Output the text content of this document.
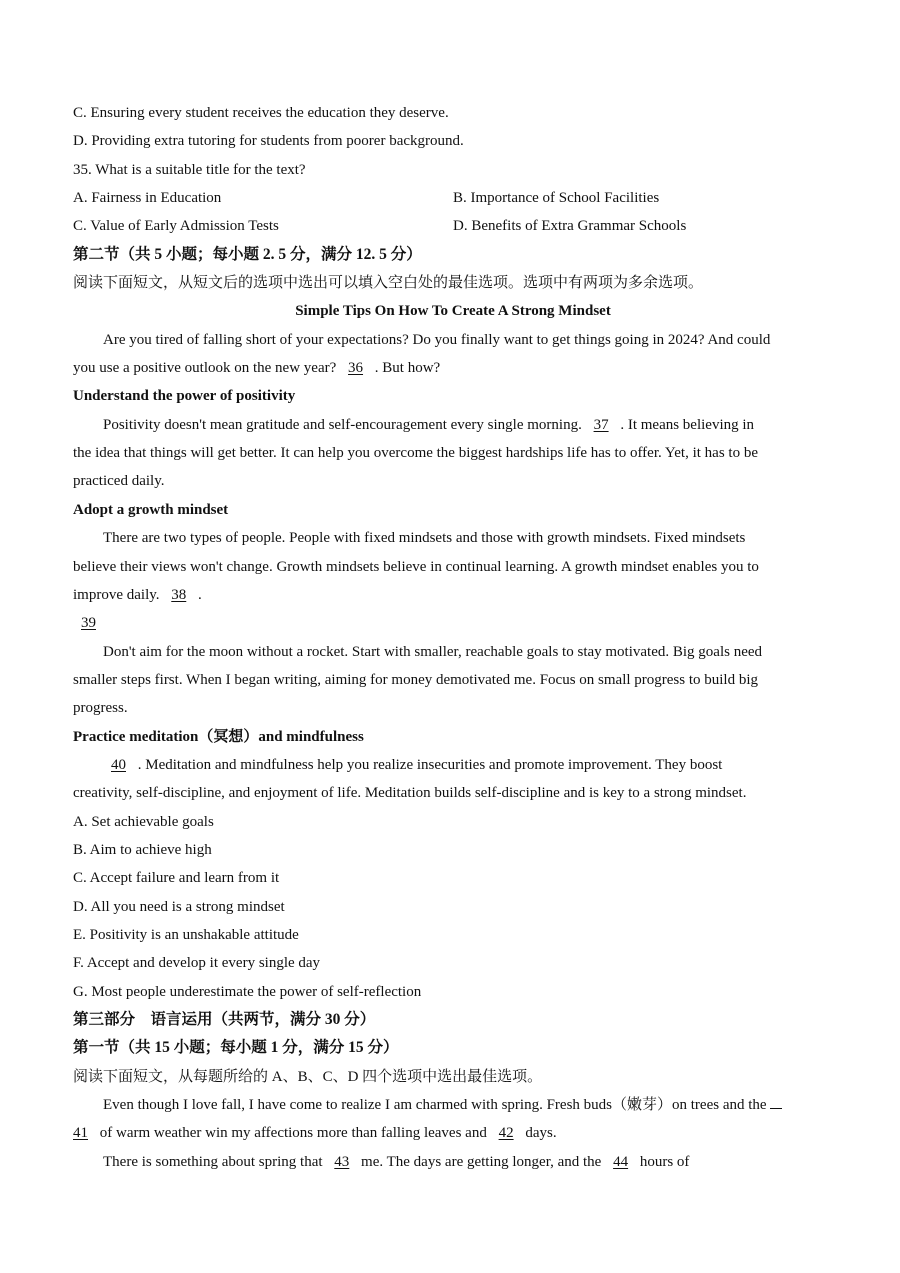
C. Ensuring every student receives the education they deserve.
D. Providing extra tutoring for students from poorer background.
35. What is a suitable title for the text?
A. Fairness in Education	B. Importance of School Facilities
C. Value of Early Admission Tests	D. Benefits of Extra Grammar Schools
第二节（共 5 小题；每小题 2. 5 分，满分 12. 5 分）
阅读下面短文，从短文后的选项中选出可以填入空白处的最佳选项。选项中有两项为多余选项。
Simple Tips On How To Create A Strong Mindset
Are you tired of falling short of your expectations? Do you finally want to get things going in 2024? And could
you use a positive outlook on the new year? 36 . But how?
Understand the power of positivity
Positivity doesn't mean gratitude and self-encouragement every single morning. 37 . It means believing in
the idea that things will get better. It can help you overcome the biggest hardships life has to offer. Yet, it has to be
practiced daily.
Adopt a growth mindset
There are two types of people. People with fixed mindsets and those with growth mindsets. Fixed mindsets
believe their views won't change. Growth mindsets believe in continual learning. A growth mindset enables you to
improve daily. 38 .
39
Don't aim for the moon without a rocket. Start with smaller, reachable goals to stay motivated. Big goals need
smaller steps first. When I began writing, aiming for money demotivated me. Focus on small progress to build big
progress.
Practice meditation（冥想）and mindfulness
40 . Meditation and mindfulness help you realize insecurities and promote improvement. They boost
creativity, self-discipline, and enjoyment of life. Meditation builds self-discipline and is key to a strong mindset.
A. Set achievable goals
B. Aim to achieve high
C. Accept failure and learn from it
D. All you need is a strong mindset
E. Positivity is an unshakable attitude
F. Accept and develop it every single day
G. Most people underestimate the power of self-reflection
第三部分　语言运用（共两节，满分 30 分）
第一节（共 15 小题；每小题 1 分，满分 15 分）
阅读下面短文，从每题所给的 A、B、C、D 四个选项中选出最佳选项。
Even though I love fall, I have come to realize I am charmed with spring. Fresh buds（嫩芽）on trees and the
41 of warm weather win my affections more than falling leaves and 42 days.
There is something about spring that 43 me. The days are getting longer, and the 44 hours of
